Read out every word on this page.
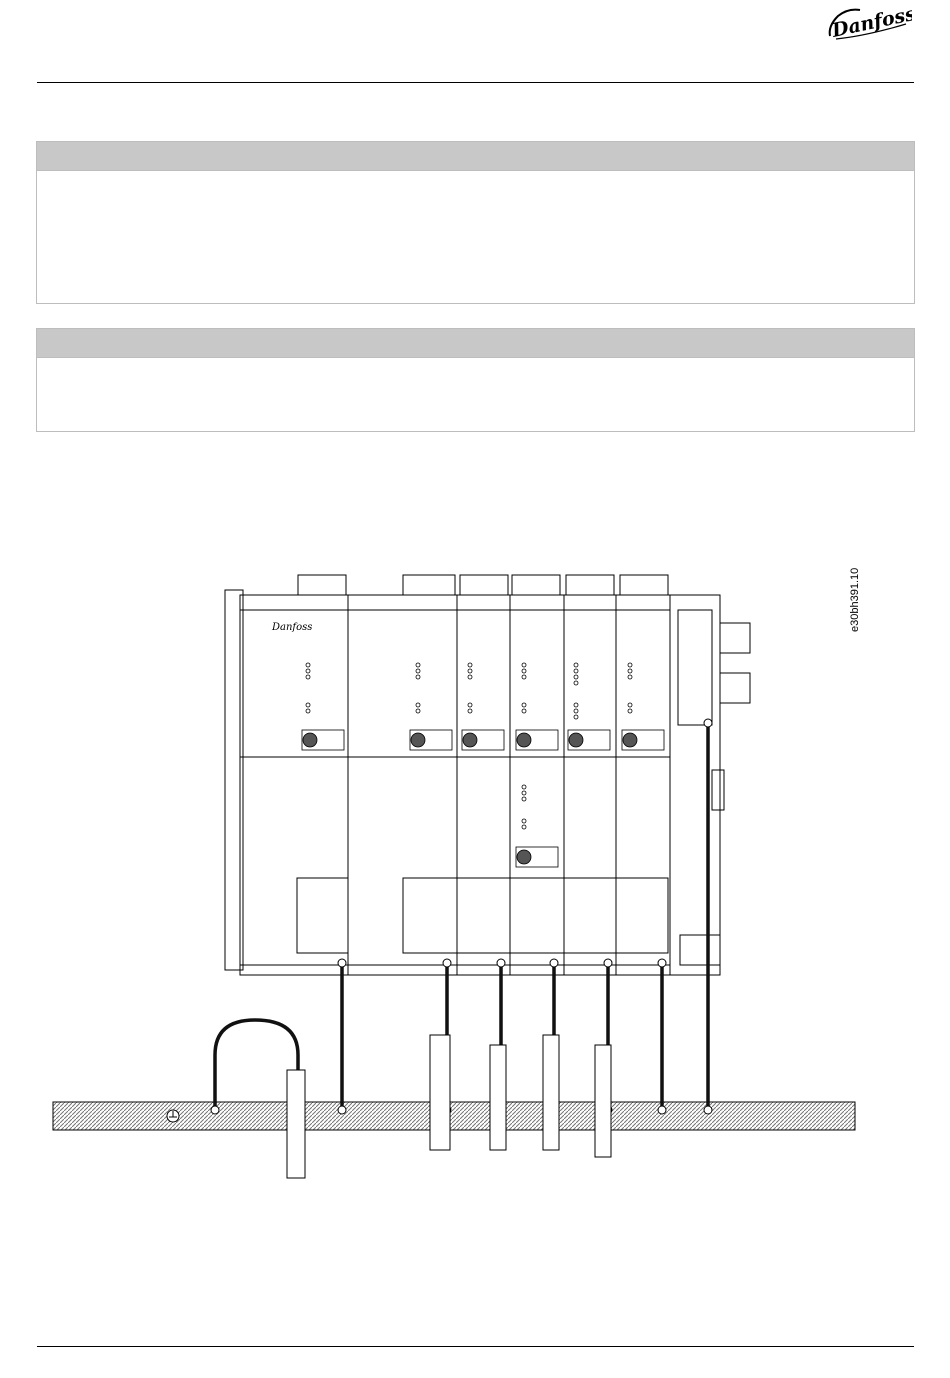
Danfoss
e30bh391.10
Danfoss
